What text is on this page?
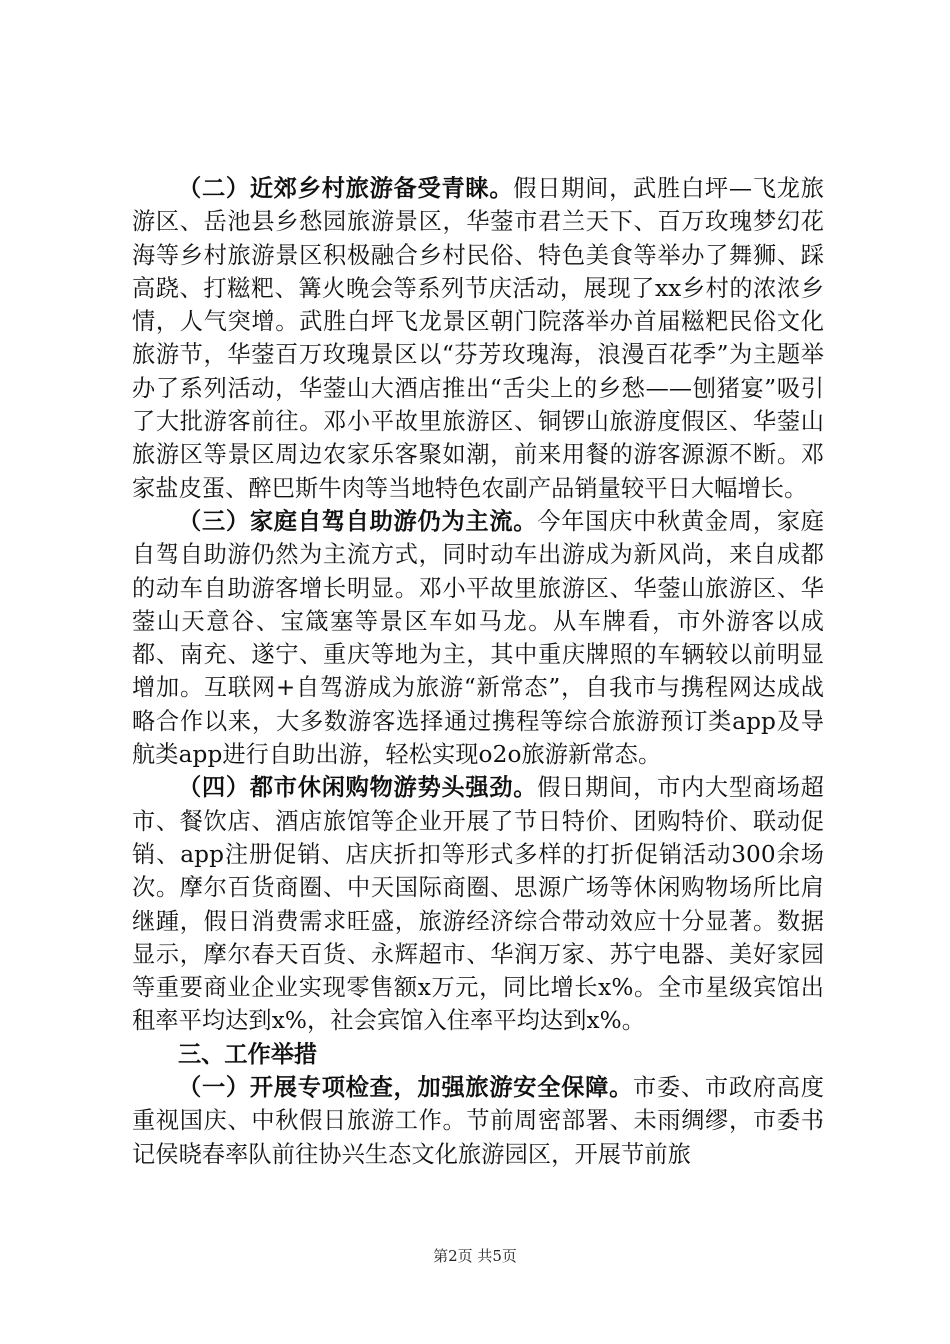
（二）近郊乡村旅游备受青睐。假日期间，武胜白坪—飞龙旅游区、岳池县乡愁园旅游景区，华蓥市君兰天下、百万玫瑰梦幻花海等乡村旅游景区积极融合乡村民俗、特色美食等举办了舞狮、踩高跷、打糍粑、篝火晚会等系列节庆活动，展现了xx乡村的浓浓乡情，人气突增。武胜白坪飞龙景区朝门院落举办首届糍粑民俗文化旅游节，华蓥百万玫瑰景区以“芬芳玫瑰海，浪漫百花季”为主题举办了系列活动，华蓥山大酒店推出“舌尖上的乡愁——刨猪宴”吸引了大批游客前往。邓小平故里旅游区、铜锣山旅游度假区、华蓥山旅游区等景区周边农家乐客聚如潮，前来用餐的游客源源不断。邓家盐皮蛋、醉巴斯牛肉等当地特色农副产品销量较平日大幅增长。

（三）家庭自驾自助游仍为主流。今年国庆中秋黄金周，家庭自驾自助游仍然为主流方式，同时动车出游成为新风尚，来自成都的动车自助游客增长明显。邓小平故里旅游区、华蓥山旅游区、华蓥山天意谷、宝箴塞等景区车如马龙。从车牌看，市外游客以成都、南充、遂宁、重庆等地为主，其中重庆牌照的车辆较以前明显增加。互联网+自驾游成为旅游“新常态”，自我市与携程网达成战略合作以来，大多数游客选择通过携程等综合旅游预订类app及导航类app进行自助出游，轻松实现o2o旅游新常态。

（四）都市休闲购物游势头强劲。假日期间，市内大型商场超市、餐饮店、酒店旅馆等企业开展了节日特价、团购特价、联动促销、app注册促销、店庆折扣等形式多样的打折促销活动300余场次。摩尔百货商圈、中天国际商圈、思源广场等休闲购物场所比肩继踵，假日消费需求旺盛，旅游经济综合带动效应十分显著。数据显示，摩尔春天百货、永辉超市、华润万家、苏宁电器、美好家园等重要商业企业实现零售额x万元，同比增长x%。全市星级宾馆出租率平均达到x%，社会宾馆入住率平均达到x%。

三、工作举措

（一）开展专项检查，加强旅游安全保障。市委、市政府高度重视国庆、中秋假日旅游工作。节前周密部署、未雨绸缪，市委书记侯晓春率队前往协兴生态文化旅游园区，开展节前旅

第2页 共5页
